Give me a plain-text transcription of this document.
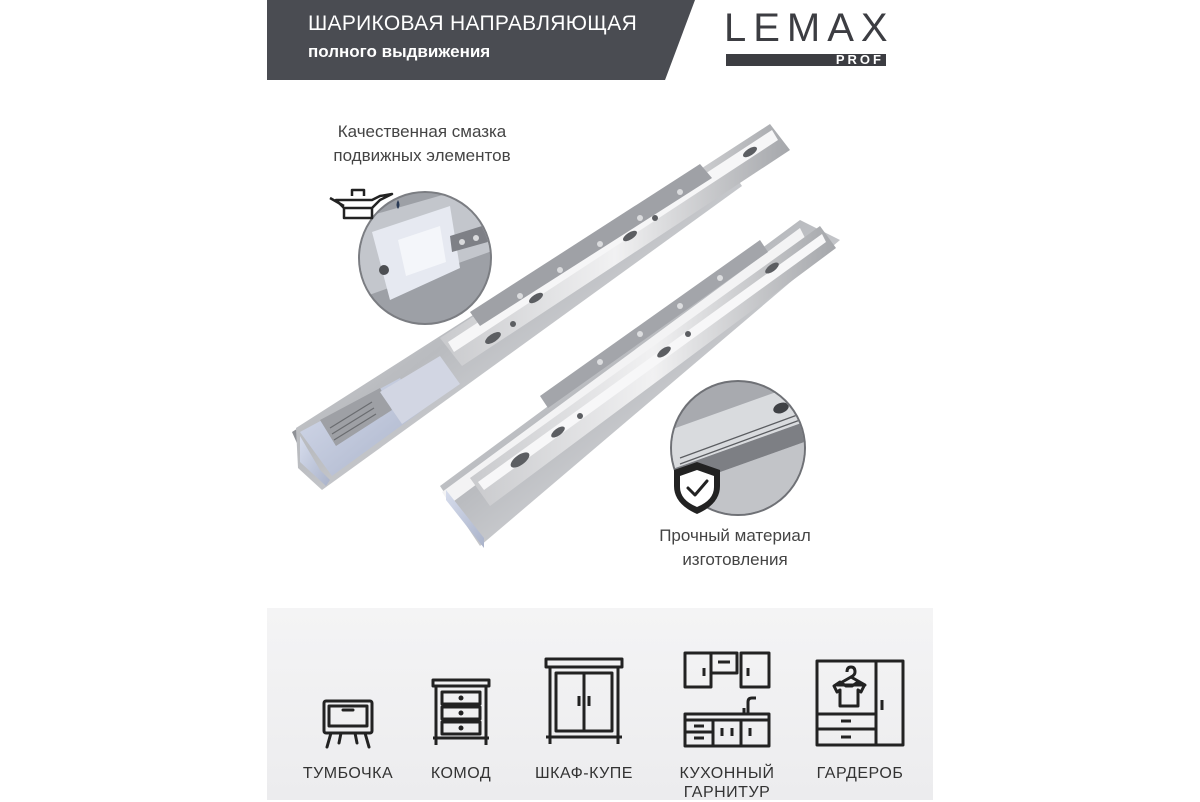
ШАРИКОВАЯ НАПРАВЛЯЮЩАЯ
полного выдвижения
LEMAX
PROF
Качественная смазка
подвижных элементов
Прочный материал
изготовления
ТУМБОЧКА	КОМОД	ШКАФ-КУПЕ	КУХОННЫЙ ГАРНИТУР
ГАРДЕРОБ
